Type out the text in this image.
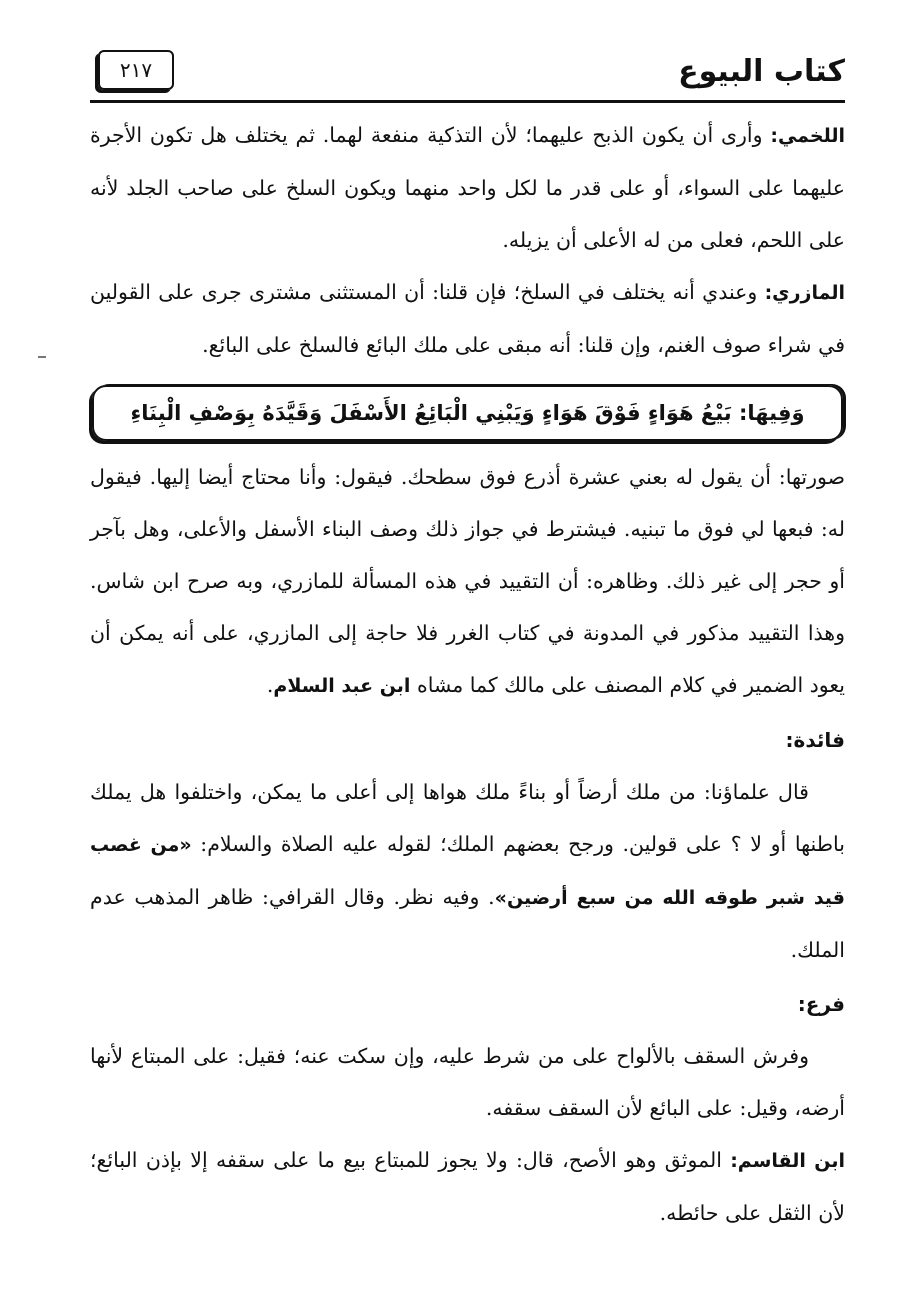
كتاب البيوع
٢١٧

اللخمي: وأرى أن يكون الذبح عليهما؛ لأن التذكية منفعة لهما. ثم يختلف هل تكون الأجرة عليهما على السواء، أو على قدر ما لكل واحد منهما ويكون السلخ على صاحب الجلد لأنه على اللحم، فعلى من له الأعلى أن يزيله.

المازري: وعندي أنه يختلف في السلخ؛ فإن قلنا: أن المستثنى مشترى جرى على القولين في شراء صوف الغنم، وإن قلنا: أنه مبقى على ملك البائع فالسلخ على البائع.

وَفِيهَا: بَيْعُ هَوَاءٍ فَوْقَ هَوَاءٍ وَيَبْنِي الْبَائِعُ الأَسْفَلَ وَقَيَّدَهُ بِوَصْفِ الْبِنَاءِ

صورتها: أن يقول له بعني عشرة أذرع فوق سطحك. فيقول: وأنا محتاج أيضا إليها. فيقول له: فبعها لي فوق ما تبنيه. فيشترط في جواز ذلك وصف البناء الأسفل والأعلى، وهل بآجر أو حجر إلى غير ذلك. وظاهره: أن التقييد في هذه المسألة للمازري، وبه صرح ابن شاس. وهذا التقييد مذكور في المدونة في كتاب الغرر فلا حاجة إلى المازري، على أنه يمكن أن يعود الضمير في كلام المصنف على مالك كما مشاه ابن عبد السلام.

فائدة:

قال علماؤنا: من ملك أرضاً أو بناءً ملك هواها إلى أعلى ما يمكن، واختلفوا هل يملك باطنها أو لا ؟ على قولين. ورجح بعضهم الملك؛ لقوله عليه الصلاة والسلام: «من غصب قيد شبر طوقه الله من سبع أرضين». وفيه نظر. وقال القرافي: ظاهر المذهب عدم الملك.

فرع:

وفرش السقف بالألواح على من شرط عليه، وإن سكت عنه؛ فقيل: على المبتاع لأنها أرضه، وقيل: على البائع لأن السقف سقفه.

ابن القاسم: الموثق وهو الأصح، قال: ولا يجوز للمبتاع بيع ما على سقفه إلا بإذن البائع؛ لأن الثقل على حائطه.
